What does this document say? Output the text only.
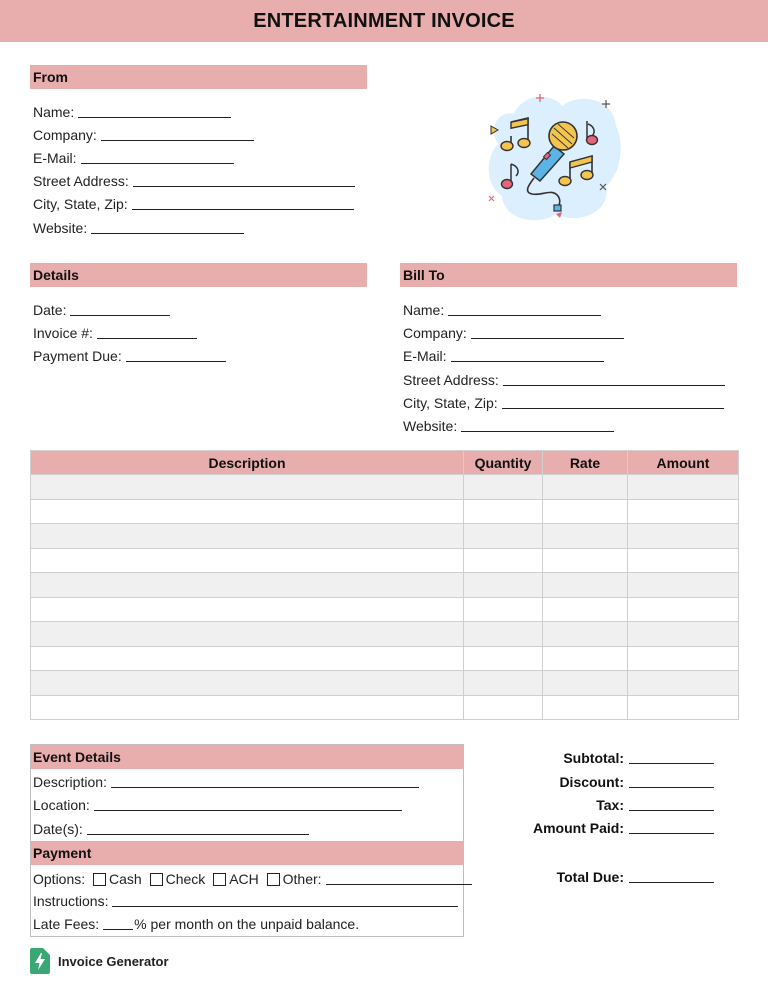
ENTERTAINMENT INVOICE
From
Name:
Company:
E-Mail:
Street Address:
City, State, Zip:
Website:
Details
Date:
Invoice #:
Payment Due:
Bill To
Name:
Company:
E-Mail:
Street Address:
City, State, Zip:
Website:
Description	Quantity	Rate	Amount

Event Details
Description:
Location:
Date(s):
Payment
Options: Cash Check ACH Other:
Instructions:
Late Fees:	% per month on the unpaid balance.
Subtotal:
Discount:
Tax:
Amount Paid:
Total Due:
Invoice Generator
